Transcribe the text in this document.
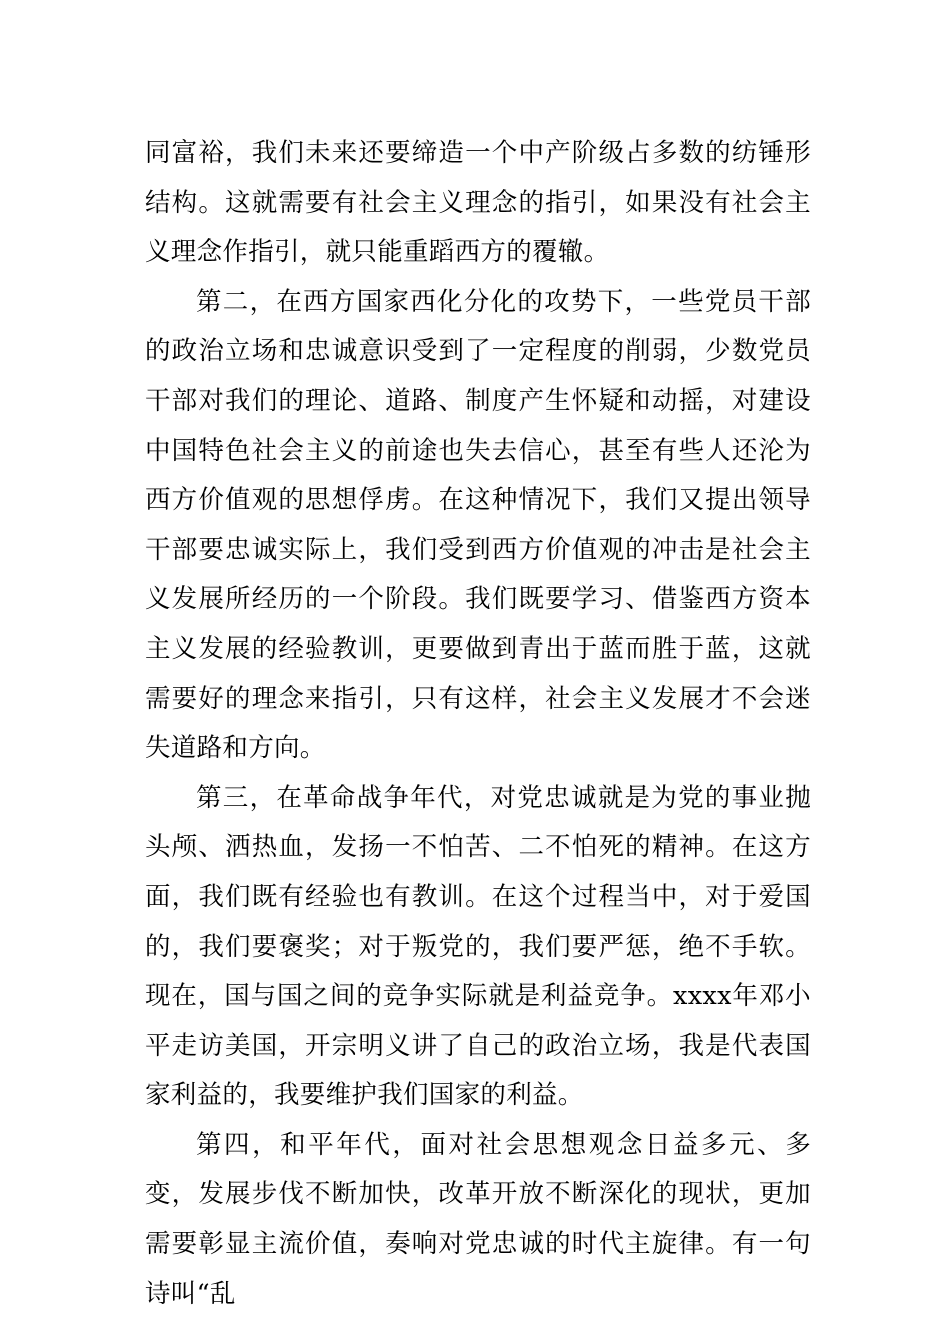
同富裕，我们未来还要缔造一个中产阶级占多数的纺锤形结构。这就需要有社会主义理念的指引，如果没有社会主义理念作指引，就只能重蹈西方的覆辙。

第二，在西方国家西化分化的攻势下，一些党员干部的政治立场和忠诚意识受到了一定程度的削弱，少数党员干部对我们的理论、道路、制度产生怀疑和动摇，对建设中国特色社会主义的前途也失去信心，甚至有些人还沦为西方价值观的思想俘虏。在这种情况下，我们又提出领导干部要忠诚实际上，我们受到西方价值观的冲击是社会主义发展所经历的一个阶段。我们既要学习、借鉴西方资本主义发展的经验教训，更要做到青出于蓝而胜于蓝，这就需要好的理念来指引，只有这样，社会主义发展才不会迷失道路和方向。

第三，在革命战争年代，对党忠诚就是为党的事业抛头颅、洒热血，发扬一不怕苦、二不怕死的精神。在这方面，我们既有经验也有教训。在这个过程当中，对于爱国的，我们要褒奖；对于叛党的，我们要严惩，绝不手软。现在，国与国之间的竞争实际就是利益竞争。xxxx年邓小平走访美国，开宗明义讲了自己的政治立场，我是代表国家利益的，我要维护我们国家的利益。

第四，和平年代，面对社会思想观念日益多元、多变，发展步伐不断加快，改革开放不断深化的现状，更加需要彰显主流价值，奏响对党忠诚的时代主旋律。有一句诗叫“乱
